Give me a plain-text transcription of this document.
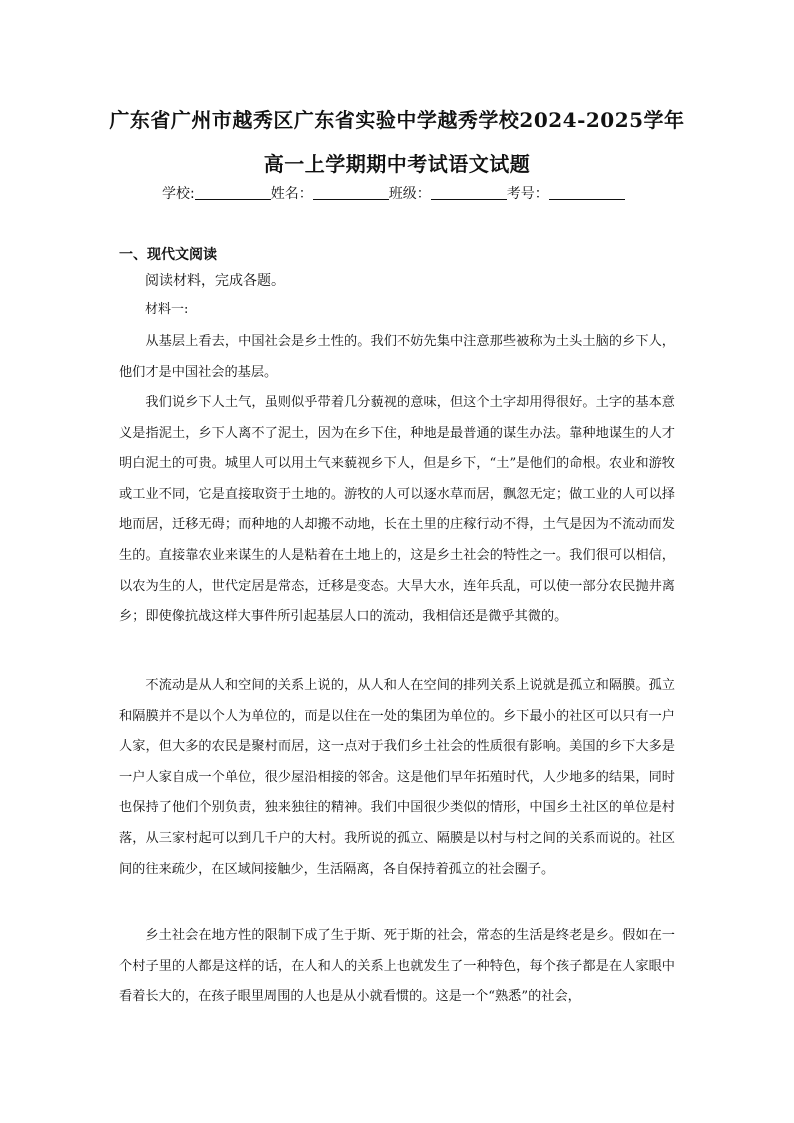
广东省广州市越秀区广东省实验中学越秀学校2024-2025学年
高一上学期期中考试语文试题
学校:	姓名：	班级：	考号：
一、现代文阅读
阅读材料，完成各题。
材料一:

从基层上看去，中国社会是乡土性的。我们不妨先集中注意那些被称为土头土脑的乡下人，他们才是中国社会的基层。

我们说乡下人土气，虽则似乎带着几分藐视的意味，但这个土字却用得很好。土字的基本意义是指泥土，乡下人离不了泥土，因为在乡下住，种地是最普通的谋生办法。靠种地谋生的人才明白泥土的可贵。城里人可以用土气来藐视乡下人，但是乡下，“土”是他们的命根。农业和游牧或工业不同，它是直接取资于土地的。游牧的人可以逐水草而居，飘忽无定；做工业的人可以择地而居，迁移无碍；而种地的人却搬不动地，长在土里的庄稼行动不得，土气是因为不流动而发生的。直接靠农业来谋生的人是粘着在土地上的，这是乡土社会的特性之一。我们很可以相信，以农为生的人，世代定居是常态，迁移是变态。大旱大水，连年兵乱，可以使一部分农民抛井离乡；即使像抗战这样大事件所引起基层人口的流动，我相信还是微乎其微的。

不流动是从人和空间的关系上说的，从人和人在空间的排列关系上说就是孤立和隔膜。孤立和隔膜并不是以个人为单位的，而是以住在一处的集团为单位的。乡下最小的社区可以只有一户人家，但大多的农民是聚村而居，这一点对于我们乡土社会的性质很有影响。美国的乡下大多是一户人家自成一个单位，很少屋沿相接的邻舍。这是他们早年拓殖时代，人少地多的结果，同时也保持了他们个别负责，独来独往的精神。我们中国很少类似的情形，中国乡土社区的单位是村落，从三家村起可以到几千户的大村。我所说的孤立、隔膜是以村与村之间的关系而说的。社区间的往来疏少，在区域间接触少，生活隔离，各自保持着孤立的社会圈子。

乡土社会在地方性的限制下成了生于斯、死于斯的社会，常态的生活是终老是乡。假如在一个村子里的人都是这样的话，在人和人的关系上也就发生了一种特色，每个孩子都是在人家眼中看着长大的，在孩子眼里周围的人也是从小就看惯的。这是一个“熟悉”的社会，
